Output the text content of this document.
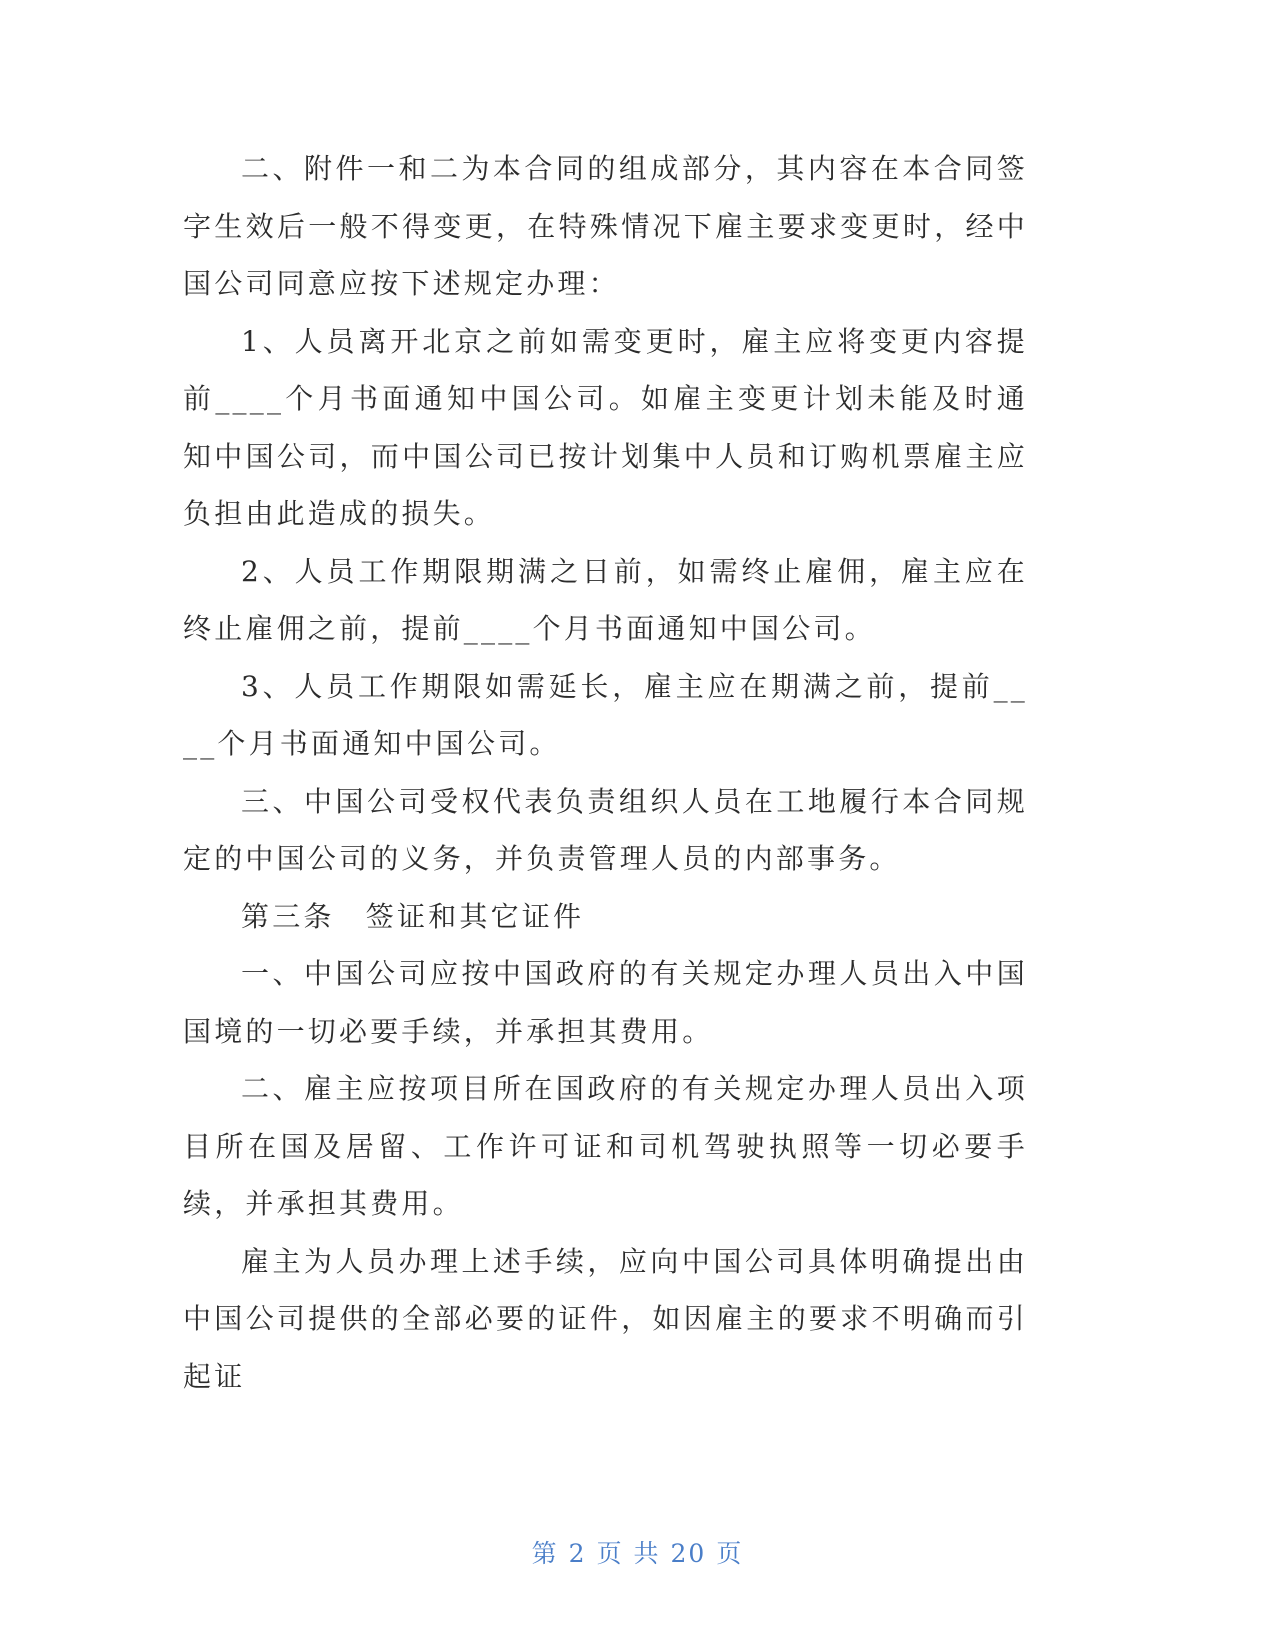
二、附件一和二为本合同的组成部分，其内容在本合同签字生效后一般不得变更，在特殊情况下雇主要求变更时，经中国公司同意应按下述规定办理：

1、人员离开北京之前如需变更时，雇主应将变更内容提前____个月书面通知中国公司。如雇主变更计划未能及时通知中国公司，而中国公司已按计划集中人员和订购机票雇主应负担由此造成的损失。

2、人员工作期限期满之日前，如需终止雇佣，雇主应在终止雇佣之前，提前____个月书面通知中国公司。

3、人员工作期限如需延长，雇主应在期满之前，提前____个月书面通知中国公司。

三、中国公司受权代表负责组织人员在工地履行本合同规定的中国公司的义务，并负责管理人员的内部事务。

第三条　签证和其它证件

一、中国公司应按中国政府的有关规定办理人员出入中国国境的一切必要手续，并承担其费用。

二、雇主应按项目所在国政府的有关规定办理人员出入项目所在国及居留、工作许可证和司机驾驶执照等一切必要手续，并承担其费用。

雇主为人员办理上述手续，应向中国公司具体明确提出由中国公司提供的全部必要的证件，如因雇主的要求不明确而引起证

第 2 页 共 20 页
